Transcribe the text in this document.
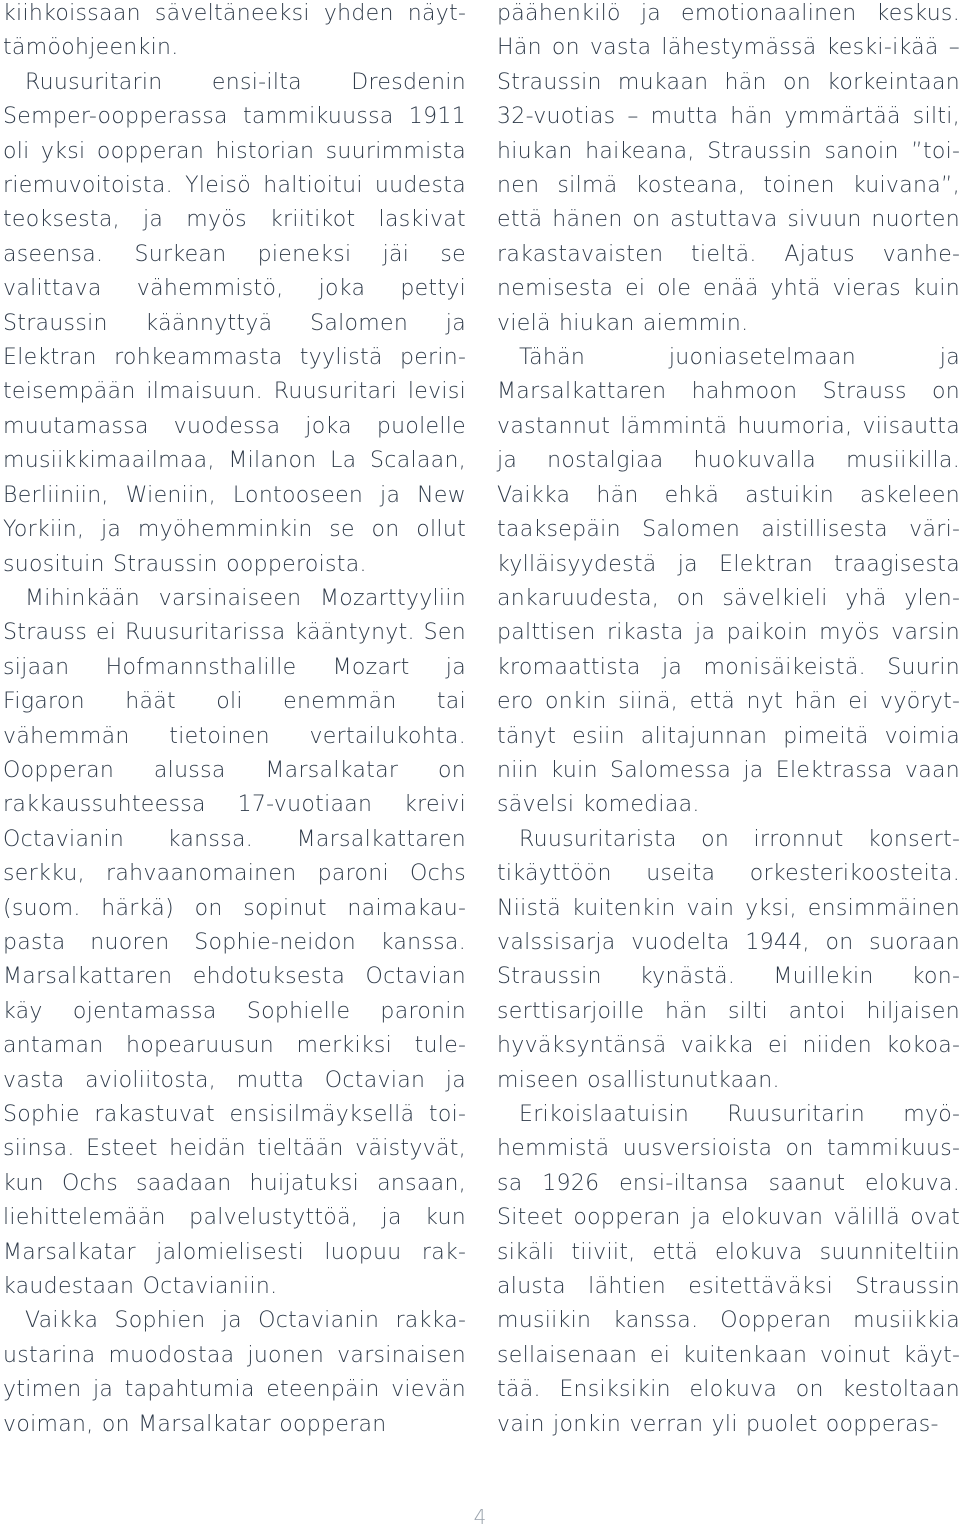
kiihkoissaan säveltäneeksi yhden näyttämöohjeenkin.

Ruusuritarin ensi-ilta Dresdenin Semper-oopperassa tammikuussa 1911 oli yksi oopperan historian suurimmista riemuvoitoista. Yleisö haltioitui uudesta teoksesta, ja myös kriitikot laskivat aseensa. Surkean pieneksi jäi se valittava vähemmistö, joka pettyi Straussin käännyttyä Salomen ja Elektran rohkeammasta tyylistä perinteisempään ilmaisuun. Ruusuritari levisi muutamassa vuodessa joka puolelle musiikkimaailmaa, Milanon La Scalaan, Berliiniin, Wieniin, Lontooseen ja New Yorkiin, ja myöhemminkin se on ollut suosituin Straussin oopperoista.

Mihinkään varsinaiseen Mozarttyyliin Strauss ei Ruusuritarissa kääntynyt. Sen sijaan Hofmannsthalille Mozart ja Figaron häät oli enemmän tai vähemmän tietoinen vertailukohta. Oopperan alussa Marsalkatar on rakkaussuhteessa 17-vuotiaan kreivi Octavianin kanssa. Marsalkattaren serkku, rahvaanomainen paroni Ochs (suom. härkä) on sopinut naimakaupasta nuoren Sophie-neidon kanssa. Marsalkattaren ehdotuksesta Octavian käy ojentamassa Sophielle paronin antaman hopearuusun merkiksi tulevasta avioliitosta, mutta Octavian ja Sophie rakastuvat ensisilmäyksellä toisiinsa. Esteet heidän tieltään väistyvät, kun Ochs saadaan huijatuksi ansaan, liehittelemään palvelustyttöä, ja kun Marsalkatar jalomielisesti luopuu rakkaudestaan Octavianiin.

Vaikka Sophien ja Octavianin rakkaustarina muodostaa juonen varsinaisen ytimen ja tapahtumia eteenpäin vievän voiman, on Marsalkatar oopperan

päähenkilö ja emotionaalinen keskus. Hän on vasta lähestymässä keski-ikää – Straussin mukaan hän on korkeintaan 32-vuotias – mutta hän ymmärtää silti, hiukan haikeana, Straussin sanoin ”toinen silmä kosteana, toinen kuivana”, että hänen on astuttava sivuun nuorten rakastavaisten tieltä. Ajatus vanhenemisesta ei ole enää yhtä vieras kuin vielä hiukan aiemmin.

Tähän juoniasetelmaan ja Marsalkattaren hahmoon Strauss on vastannut lämmintä huumoria, viisautta ja nostalgiaa huokuvalla musiikilla. Vaikka hän ehkä astuikin askeleen taaksepäin Salomen aistillisesta värikylläisyydestä ja Elektran traagisesta ankaruudesta, on sävelkieli yhä ylenpalttisen rikasta ja paikoin myös varsin kromaattista ja monisäikeistä. Suurin ero onkin siinä, että nyt hän ei vyöryttänyt esiin alitajunnan pimeitä voimia niin kuin Salomessa ja Elektrassa vaan sävelsi komediaa.

Ruusuritarista on irronnut konserttikäyttöön useita orkesterikoosteita. Niistä kuitenkin vain yksi, ensimmäinen valssisarja vuodelta 1944, on suoraan Straussin kynästä. Muillekin konserttisarjoille hän silti antoi hiljaisen hyväksyntänsä vaikka ei niiden kokoamiseen osallistunutkaan.

Erikoislaatuisin Ruusuritarin myöhemmistä uusversioista on tammikuussa 1926 ensi-iltansa saanut elokuva. Siteet oopperan ja elokuvan välillä ovat sikäli tiiviit, että elokuva suunniteltiin alusta lähtien esitettäväksi Straussin musiikin kanssa. Oopperan musiikkia sellaisenaan ei kuitenkaan voinut käyttää. Ensiksikin elokuva on kestoltaan vain jonkin verran yli puolet oopperas-

4
